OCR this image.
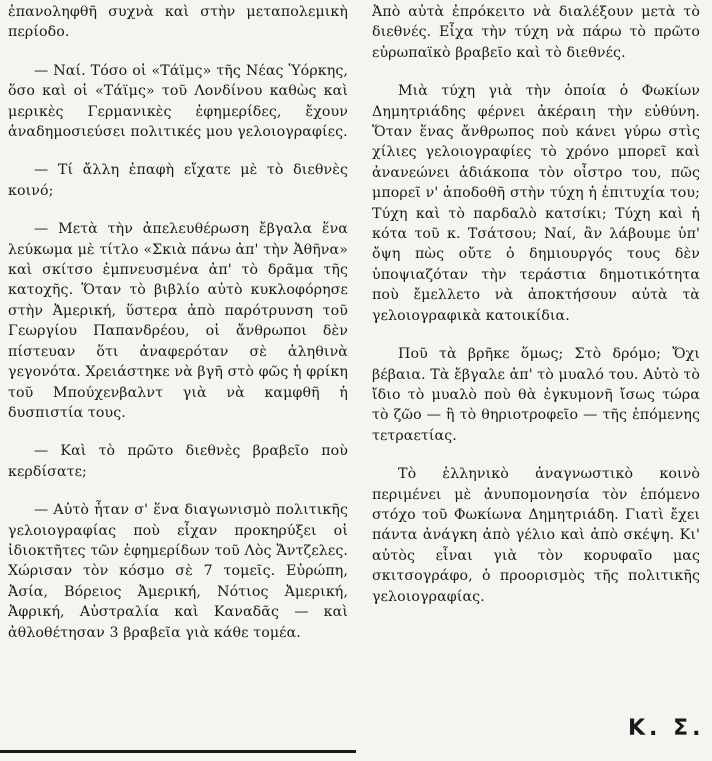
ἐπανοληφθῆ συχνὰ καὶ στὴν μεταπολεμικὴ περίοδο.

— Ναί. Τόσο οἱ «Τάϊμς» τῆς Νέας Ὑόρκης, ὅσο καὶ οἱ «Τάϊμς» τοῦ Λονδίνου καθὼς καὶ μερικὲς Γερμανικὲς ἐφημερίδες, ἔχουν ἀναδημοσιεύσει πολιτικές μου γελοιογραφίες.

— Τί ἄλλη ἐπαφὴ εἴχατε μὲ τὸ διεθνὲς κοινό;

— Μετὰ τὴν ἀπελευθέρωση ἔβγαλα ἕνα λεύκωμα μὲ τίτλο «Σκιὰ πάνω ἀπ' τὴν Ἀθῆνα» καὶ σκίτσο ἐμπνευσμένα ἀπ' τὸ δρᾶμα τῆς κατοχῆς. Ὅταν τὸ βιβλίο αὐτὸ κυκλοφόρησε στὴν Ἀμερική, ὕστερα ἀπὸ παρότρυνση τοῦ Γεωργίου Παπανδρέου, οἱ ἄνθρωποι δὲν πίστευαν ὅτι ἀναφερόταν σὲ ἀληθινὰ γεγονότα. Χρειάστηκε νὰ βγῆ στὸ φῶς ἡ φρίκη τοῦ Μπούχενβαλντ γιὰ νὰ καμφθῆ ἡ δυσπιστία τους.

— Καὶ τὸ πρῶτο διεθνὲς βραβεῖο ποὺ κερδίσατε;

— Αὐτὸ ἦταν σ' ἕνα διαγωνισμὸ πολιτικῆς γελοιογραφίας ποὺ εἶχαν προκηρύξει οἱ ἰδιοκτῆτες τῶν ἐφημερίδων τοῦ Λὸς Ἄντζελες. Χώρισαν τὸν κόσμο σὲ 7 τομεῖς. Εὐρώπη, Ἀσία, Βόρειος Ἀμερική, Νότιος Ἀμερική, Ἀφρική, Αὐστραλία καὶ Καναδᾶς — καὶ ἀθλοθέτησαν 3 βραβεῖα γιὰ κάθε τομέα.

Ἀπὸ αὐτὰ ἐπρόκειτο νὰ διαλέξουν μετὰ τὸ διεθνές. Εἶχα τὴν τύχη νὰ πάρω τὸ πρῶτο εὐρωπαϊκὸ βραβεῖο καὶ τὸ διεθνές.

Μιὰ τύχη γιὰ τὴν ὁποία ὁ Φωκίων Δημητριάδης φέρνει ἀκέραιη τὴν εὐθύνη. Ὅταν ἕνας ἄνθρωπος ποὺ κάνει γύρω στὶς χίλιες γελοιογραφίες τὸ χρόνο μπορεῖ καὶ ἀνανεώνει ἀδιάκοπα τὸν οἶστρο του, πῶς μπορεῖ ν' ἀποδοθῆ στὴν τύχη ἡ ἐπιτυχία του; Τύχη καὶ τὸ παρδαλὸ κατσίκι; Τύχη καὶ ἡ κότα τοῦ κ. Τσάτσου; Ναί, ἂν λάβουμε ὑπ' ὄψη πὼς οὔτε ὁ δημιουργός τους δὲν ὑποψιαζόταν τὴν τεράστια δημοτικότητα ποὺ ἔμελλετο νὰ ἀποκτήσουν αὐτὰ τὰ γελοιογραφικὰ κατοικίδια.

Ποῦ τὰ βρῆκε ὅμως; Στὸ δρόμο; Ὄχι βέβαια. Τὰ ἔβγαλε ἀπ' τὸ μυαλό του. Αὐτὸ τὸ ἴδιο τὸ μυαλὸ ποὺ θὰ ἐγκυμονῆ ἴσως τώρα τὸ ζῶο — ἢ τὸ θηριοτροφεῖο — τῆς ἐπόμενης τετραετίας.

Τὸ ἑλληνικὸ ἀναγνωστικὸ κοινὸ περιμένει μὲ ἀνυπομονησία τὸν ἑπόμενο στόχο τοῦ Φωκίωνα Δημητριάδη. Γιατὶ ἔχει πάντα ἀνάγκη ἀπὸ γέλιο καὶ ἀπὸ σκέψη. Κι' αὐτὸς εἶναι γιὰ τὸν κορυφαῖο μας σκιτσογράφο, ὁ προορισμὸς τῆς πολιτικῆς γελοιογραφίας.

Κ. Σ.
